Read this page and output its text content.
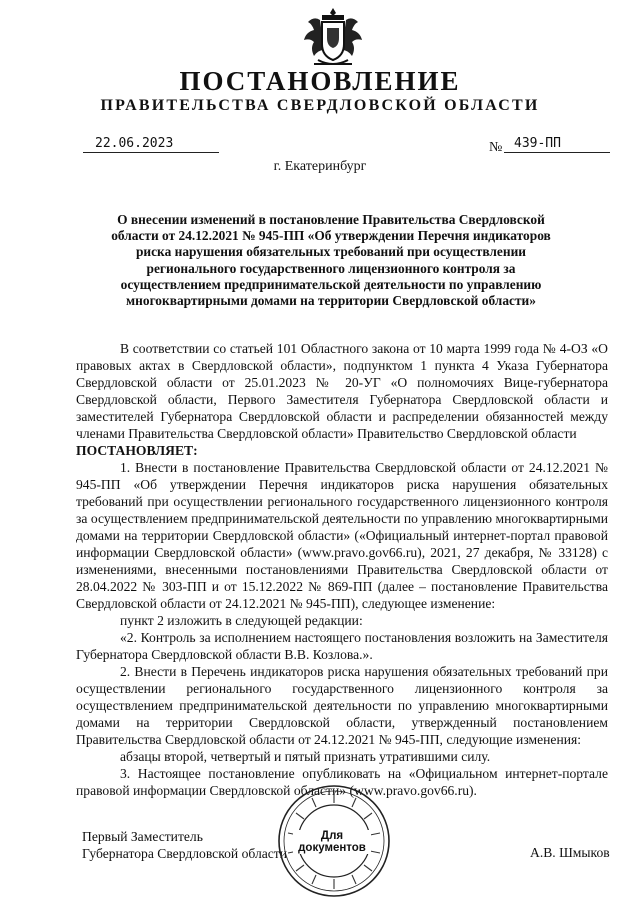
ПОСТАНОВЛЕНИЕ
ПРАВИТЕЛЬСТВА СВЕРДЛОВСКОЙ ОБЛАСТИ
22.06.2023	№ 439-ПП
г. Екатеринбург
О внесении изменений в постановление Правительства Свердловской области от 24.12.2021 № 945-ПП «Об утверждении Перечня индикаторов риска нарушения обязательных требований при осуществлении регионального государственного лицензионного контроля за осуществлением предпринимательской деятельности по управлению многоквартирными домами на территории Свердловской области»

В соответствии со статьей 101 Областного закона от 10 марта 1999 года № 4-ОЗ «О правовых актах в Свердловской области», подпунктом 1 пункта 4 Указа Губернатора Свердловской области от 25.01.2023 № 20-УГ «О полномочиях Вице-губернатора Свердловской области, Первого Заместителя Губернатора Свердловской области и заместителей Губернатора Свердловской области и распределении обязанностей между членами Правительства Свердловской области» Правительство Свердловской области

ПОСТАНОВЛЯЕТ:

1. Внести в постановление Правительства Свердловской области от 24.12.2021 № 945-ПП «Об утверждении Перечня индикаторов риска нарушения обязательных требований при осуществлении регионального государственного лицензионного контроля за осуществлением предпринимательской деятельности по управлению многоквартирными домами на территории Свердловской области» («Официальный интернет-портал правовой информации Свердловской области» (www.pravo.gov66.ru), 2021, 27 декабря, № 33128) с изменениями, внесенными постановлениями Правительства Свердловской области от 28.04.2022 № 303-ПП и от 15.12.2022 № 869-ПП (далее – постановление Правительства Свердловской области от 24.12.2021 № 945-ПП), следующее изменение:

пункт 2 изложить в следующей редакции:

«2. Контроль за исполнением настоящего постановления возложить на Заместителя Губернатора Свердловской области В.В. Козлова.».

2. Внести в Перечень индикаторов риска нарушения обязательных требований при осуществлении регионального государственного лицензионного контроля за осуществлением предпринимательской деятельности по управлению многоквартирными домами на территории Свердловской области, утвержденный постановлением Правительства Свердловской области от 24.12.2021 № 945-ПП, следующие изменения:

абзацы второй, четвертый и пятый признать утратившими силу.

3. Настоящее постановление опубликовать на «Официальном интернет-портале правовой информации Свердловской области» (www.pravo.gov66.ru).

Первый Заместитель
Губернатора Свердловской области	А.В. Шмыков
Для
документов
